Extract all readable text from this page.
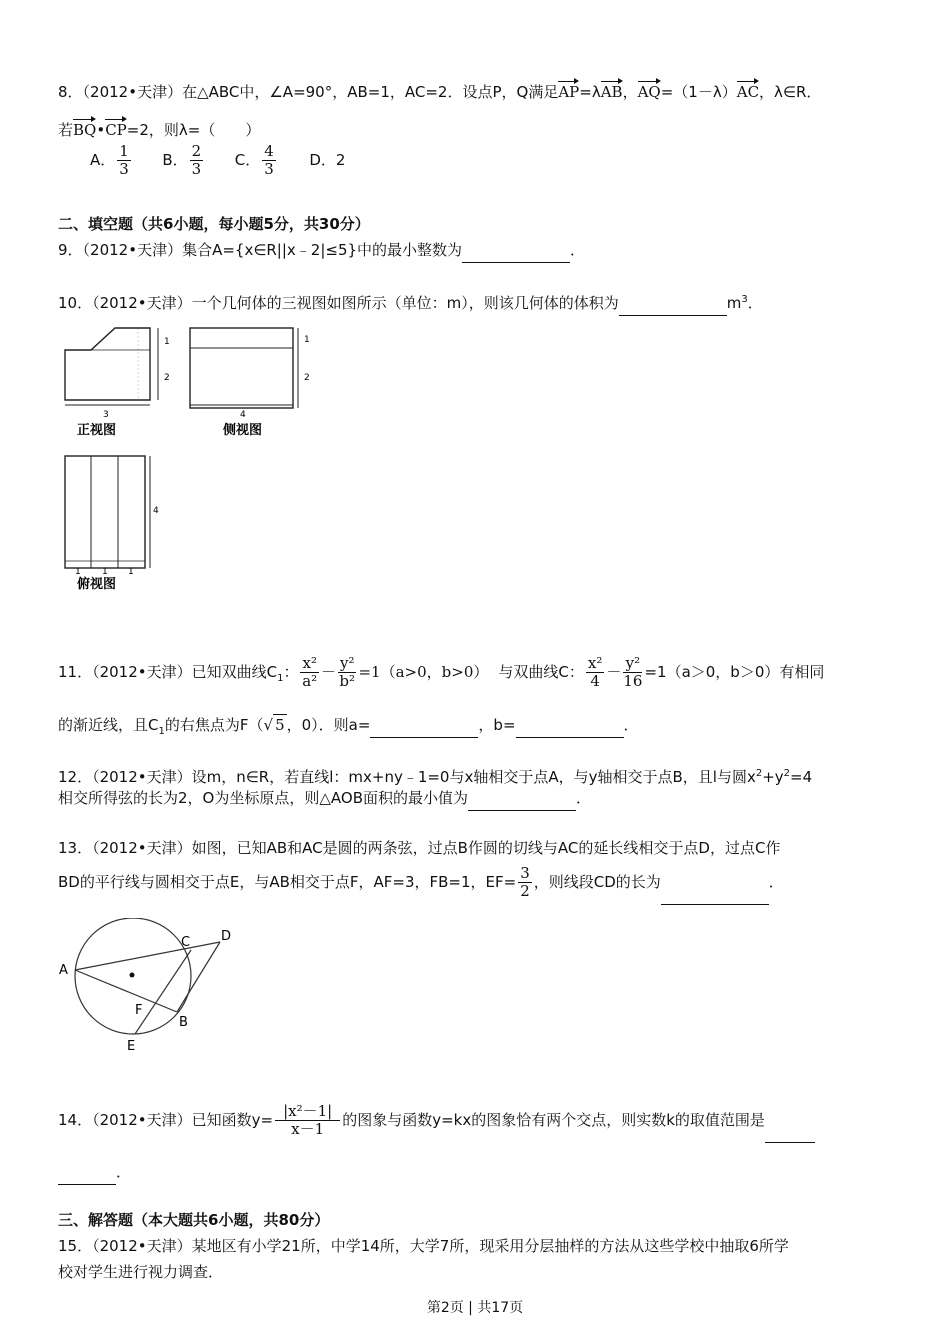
8．（2012•天津）在△ABC中，∠A=90°，AB=1，AC=2．设点P，Q满足AP=λAB，AQ=（1－λ）AC，λ∈R．
若BQ•CP=2，则λ=（　　）
A． $\frac{1}{3}$ B． $\frac{2}{3}$ C． $\frac{4}{3}$ D．2
二、填空题（共6小题，每小题5分，共30分）
9．（2012•天津）集合A={x∈R||x﹣2|≤5}中的最小整数为	．
10．（2012•天津）一个几何体的三视图如图所示（单位：m），则该几何体的体积为	$m^3$．
3
1
2
正视图
4
1
2
侧视图
4
1 1 1
俯视图
11．（2012•天津）已知双曲线$C_1$： $\frac{\text{x²}}{\text{a²}} - \frac{\text{y²}}{\text{b²}} =1(a>0$，b>0） 与双曲线C： $\frac{\text{x²}}{4} - \frac{\text{y²}}{16} =1(a>0$，b＞0）有相同
的渐近线，且$C_1$的右焦点为F（√ 5 ，0）．则a=	，b=	．
12．（2012•天津）设m，n∈R，若直线l：mx+ny﹣1=0与x轴相交于点A，与y轴相交于点B，且l与圆$x^2+y^2=4$
相交所得弦的长为2，O为坐标原点，则△AOB面积的最小值为	．
13．（2012•天津）如图，已知AB和AC是圆的两条弦，过点B作圆的切线与AC的延长线相交于点D，过点C作
BD的平行线与圆相交于点E，与AB相交于点F，AF=3，FB=1，$EF= \frac{3}{2}$ ，则线段CD的长为	．
A
C D
F
B
E
14．（2012•天津）已知函数$y= \frac{\text{|x²－1|}}{x-1}$ 的图象与函数y=kx的图象恰有两个交点，则实数k的取值范围是
．
三、解答题（本大题共6小题，共80分）
15．（2012•天津）某地区有小学21所，中学14所，大学7所，现采用分层抽样的方法从这些学校中抽取6所学
校对学生进行视力调查．
第2页 | 共17页
